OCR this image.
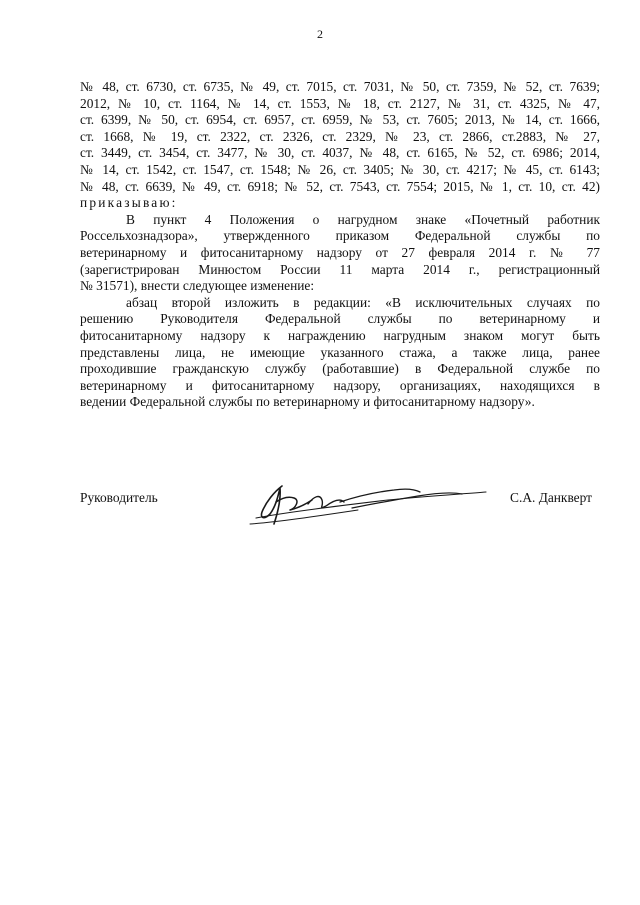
2

№ 48, ст. 6730, ст. 6735, № 49, ст. 7015, ст. 7031, № 50, ст. 7359, № 52, ст. 7639;

2012, № 10, ст. 1164, № 14, ст. 1553, № 18, ст. 2127, № 31, ст. 4325, № 47,

ст. 6399, № 50, ст. 6954, ст. 6957, ст. 6959, № 53, ст. 7605; 2013, № 14, ст. 1666,

ст. 1668, № 19, ст. 2322, ст. 2326, ст. 2329, № 23, ст. 2866, ст.2883, № 27,

ст. 3449, ст. 3454, ст. 3477, № 30, ст. 4037, № 48, ст. 6165, № 52, ст. 6986; 2014,

№ 14, ст. 1542, ст. 1547, ст. 1548; № 26, ст. 3405; № 30, ст. 4217; № 45, ст. 6143;

№ 48, ст. 6639, № 49, ст. 6918; № 52, ст. 7543, ст. 7554; 2015, № 1, ст. 10, ст. 42)

приказываю:

В пункт 4 Положения о нагрудном знаке «Почетный работник

Россельхознадзора», утвержденного приказом Федеральной службы по

ветеринарному и фитосанитарному надзору от 27 февраля 2014 г. № 77

(зарегистрирован Минюстом России 11 марта 2014 г., регистрационный

№ 31571), внести следующее изменение:

абзац второй изложить в редакции: «В исключительных случаях по

решению Руководителя Федеральной службы по ветеринарному и

фитосанитарному надзору к награждению нагрудным знаком могут быть

представлены лица, не имеющие указанного стажа, а также лица, ранее

проходившие гражданскую службу (работавшие) в Федеральной службе по

ветеринарному и фитосанитарному надзору, организациях, находящихся в

ведении Федеральной службы по ветеринарному и фитосанитарному надзору».

Руководитель	С.А. Данкверт
